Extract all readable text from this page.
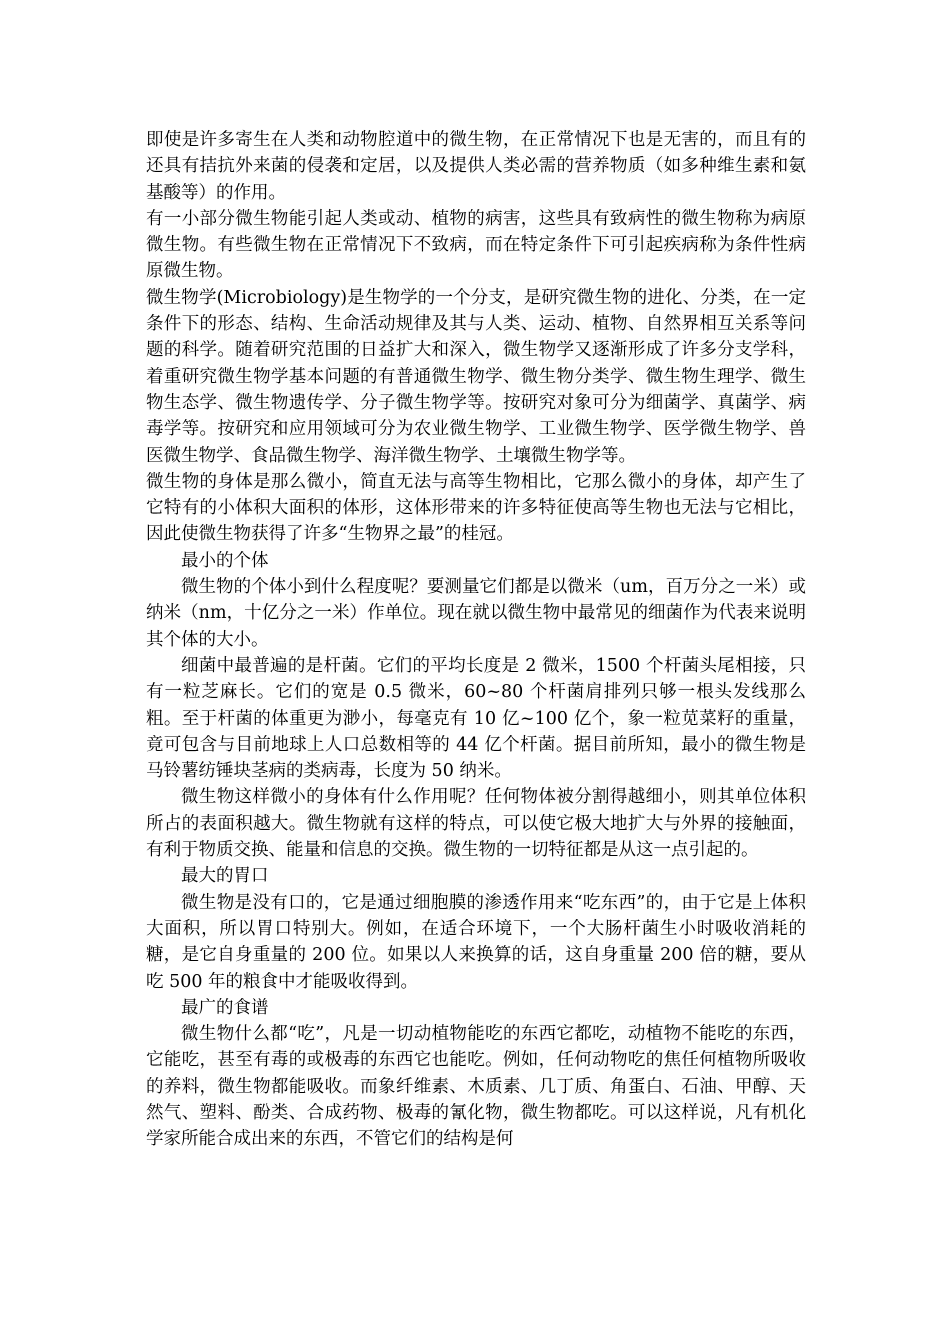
即使是许多寄生在人类和动物腔道中的微生物，在正常情况下也是无害的，而且有的还具有拮抗外来菌的侵袭和定居，以及提供人类必需的营养物质（如多种维生素和氨基酸等）的作用。

有一小部分微生物能引起人类或动、植物的病害，这些具有致病性的微生物称为病原微生物。有些微生物在正常情况下不致病，而在特定条件下可引起疾病称为条件性病原微生物。

微生物学(Microbiology)是生物学的一个分支，是研究微生物的进化、分类，在一定条件下的形态、结构、生命活动规律及其与人类、运动、植物、自然界相互关系等问题的科学。随着研究范围的日益扩大和深入，微生物学又逐渐形成了许多分支学科，着重研究微生物学基本问题的有普通微生物学、微生物分类学、微生物生理学、微生物生态学、微生物遗传学、分子微生物学等。按研究对象可分为细菌学、真菌学、病毒学等。按研究和应用领域可分为农业微生物学、工业微生物学、医学微生物学、兽医微生物学、食品微生物学、海洋微生物学、土壤微生物学等。

微生物的身体是那么微小，简直无法与高等生物相比，它那么微小的身体，却产生了它特有的小体积大面积的体形，这体形带来的许多特征使高等生物也无法与它相比，因此使微生物获得了许多“生物界之最”的桂冠。

最小的个体

微生物的个体小到什么程度呢？要测量它们都是以微米（um，百万分之一米）或纳米（nm，十亿分之一米）作单位。现在就以微生物中最常见的细菌作为代表来说明其个体的大小。

细菌中最普遍的是杆菌。它们的平均长度是 2 微米，1500 个杆菌头尾相接，只有一粒芝麻长。它们的宽是 0.5 微米，60~80 个杆菌肩排列只够一根头发线那么粗。至于杆菌的体重更为渺小，每毫克有 10 亿~100 亿个，象一粒苋菜籽的重量，竟可包含与目前地球上人口总数相等的 44 亿个杆菌。据目前所知，最小的微生物是马铃薯纺锤块茎病的类病毒，长度为 50 纳米。

微生物这样微小的身体有什么作用呢？任何物体被分割得越细小，则其单位体积所占的表面积越大。微生物就有这样的特点，可以使它极大地扩大与外界的接触面，有利于物质交换、能量和信息的交换。微生物的一切特征都是从这一点引起的。

最大的胃口

微生物是没有口的，它是通过细胞膜的渗透作用来“吃东西”的，由于它是上体积大面积，所以胃口特别大。例如，在适合环境下，一个大肠杆菌生小时吸收消耗的糖，是它自身重量的 200 位。如果以人来换算的话，这自身重量 200 倍的糖，要从吃 500 年的粮食中才能吸收得到。

最广的食谱

微生物什么都“吃”，凡是一切动植物能吃的东西它都吃，动植物不能吃的东西，它能吃，甚至有毒的或极毒的东西它也能吃。例如，任何动物吃的焦任何植物所吸收的养料，微生物都能吸收。而象纤维素、木质素、几丁质、角蛋白、石油、甲醇、天然气、塑料、酚类、合成药物、极毒的氰化物，微生物都吃。可以这样说，凡有机化学家所能合成出来的东西，不管它们的结构是何
